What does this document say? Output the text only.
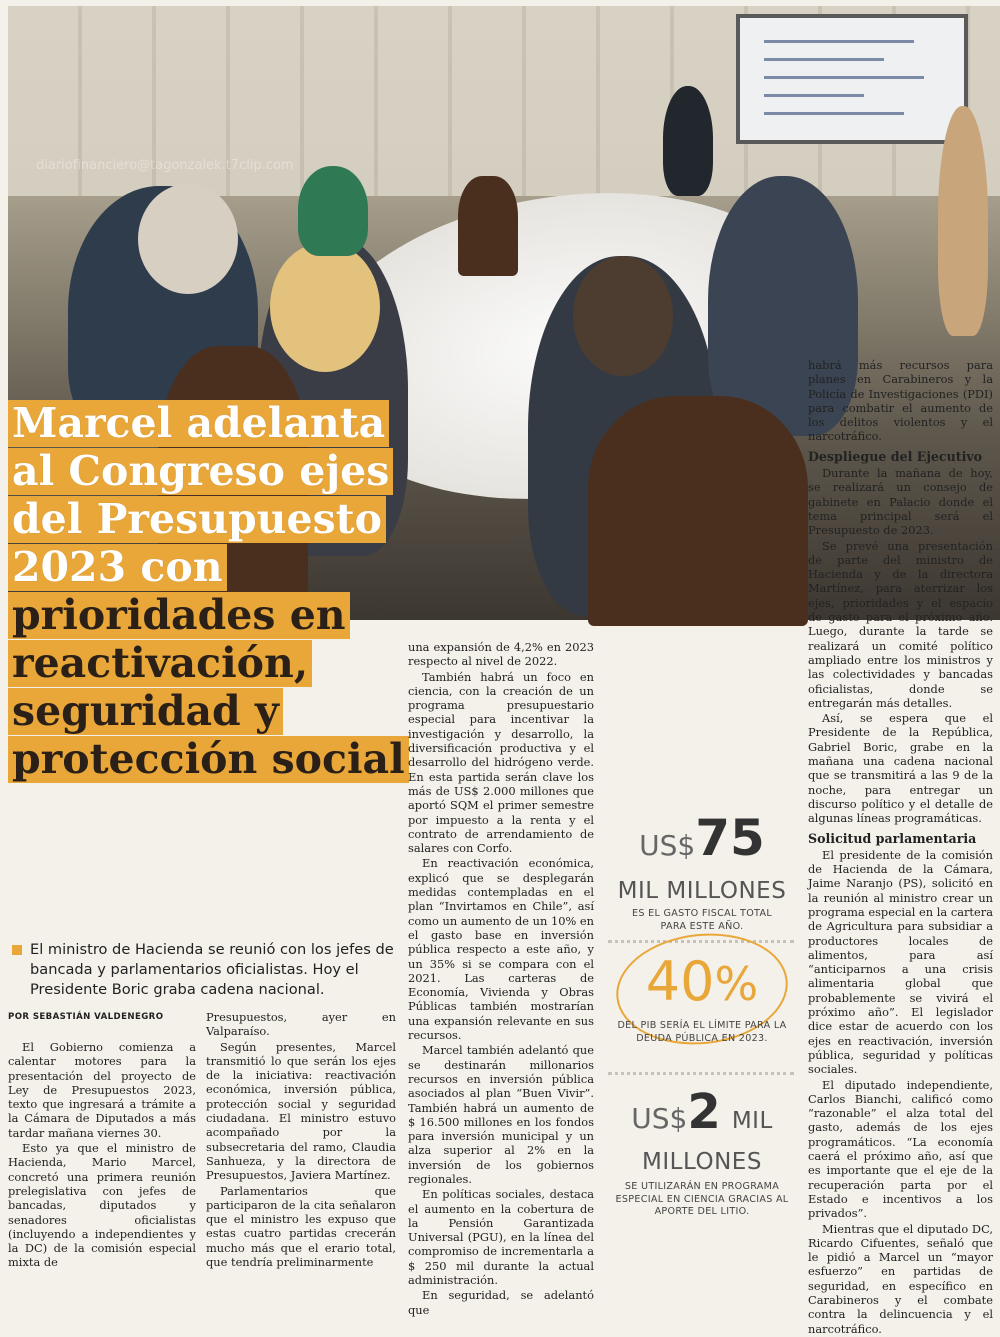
diariofinanciero@tagonzalek.t7clip.com
Marcel adelanta
al Congreso ejes
del Presupuesto
2023 con
prioridades en
reactivación,
seguridad y
protección social
El ministro de Hacienda se reunió con los jefes de bancada y parlamentarios oficialistas. Hoy el Presidente Boric graba cadena nacional.
POR SEBASTIÁN VALDENEGRO

El Gobierno comienza a calentar motores para la presentación del proyecto de Ley de Presupuestos 2023, texto que ingresará a trámite a la Cámara de Diputados a más tardar mañana viernes 30.

Esto ya que el ministro de Hacienda, Mario Marcel, concretó una primera reunión prelegislativa con jefes de bancadas, diputados y senadores oficialistas (incluyendo a independientes y la DC) de la comisión especial mixta de

Presupuestos, ayer en Valparaíso.

Según presentes, Marcel transmitió lo que serán los ejes de la iniciativa: reactivación económica, inversión pública, protección social y seguridad ciudadana. El ministro estuvo acompañado por la subsecretaria del ramo, Claudia Sanhueza, y la directora de Presupuestos, Javiera Martínez.

Parlamentarios que participaron de la cita señalaron que el ministro les expuso que estas cuatro partidas crecerán mucho más que el erario total, que tendría preliminarmente

una expansión de 4,2% en 2023 respecto al nivel de 2022.

También habrá un foco en ciencia, con la creación de un programa presupuestario especial para incentivar la investigación y desarrollo, la diversificación productiva y el desarrollo del hidrógeno verde. En esta partida serán clave los más de US$ 2.000 millones que aportó SQM el primer semestre por impuesto a la renta y el contrato de arrendamiento de salares con Corfo.

En reactivación económica, explicó que se desplegarán medidas contempladas en el plan “Invirtamos en Chile”, así como un aumento de un 10% en el gasto base en inversión pública respecto a este año, y un 35% si se compara con el 2021. Las carteras de Economía, Vivienda y Obras Públicas también mostrarían una expansión relevante en sus recursos.

Marcel también adelantó que se destinarán millonarios recursos en inversión pública asociados al plan “Buen Vivir”. También habrá un aumento de $ 16.500 millones en los fondos para inversión municipal y un alza superior al 2% en la inversión de los gobiernos regionales.

En políticas sociales, destaca el aumento en la cobertura de la Pensión Garantizada Universal (PGU), en la línea del compromiso de incrementarla a $ 250 mil durante la actual administración.

En seguridad, se adelantó que

habrá más recursos para planes en Carabineros y la Policía de Investigaciones (PDI) para combatir el aumento de los delitos violentos y el narcotráfico.

Despliegue del Ejecutivo

Durante la mañana de hoy, se realizará un consejo de gabinete en Palacio donde el tema principal será el Presupuesto de 2023.

Se prevé una presentación de parte del ministro de Hacienda y de la directora Martínez, para aterrizar los ejes, prioridades y el espacio de gasto para el próximo año. Luego, durante la tarde se realizará un comité político ampliado entre los ministros y las colectividades y bancadas oficialistas, donde se entregarán más detalles.

Así, se espera que el Presidente de la República, Gabriel Boric, grabe en la mañana una cadena nacional que se transmitirá a las 9 de la noche, para entregar un discurso político y el detalle de algunas líneas programáticas.

Solicitud parlamentaria

El presidente de la comisión de Hacienda de la Cámara, Jaime Naranjo (PS), solicitó en la reunión al ministro crear un programa especial en la cartera de Agricultura para subsidiar a productores locales de alimentos, para así “anticiparnos a una crisis alimentaria global que probablemente se vivirá el próximo año”. El legislador dice estar de acuerdo con los ejes en reactivación, inversión pública, seguridad y políticas sociales.

El diputado independiente, Carlos Bianchi, calificó como “razonable” el alza total del gasto, además de los ejes programáticos. “La economía caerá el próximo año, así que es importante que el eje de la recuperación parta por el Estado e incentivos a los privados”.

Mientras que el diputado DC, Ricardo Cifuentes, señaló que le pidió a Marcel un “mayor esfuerzo” en partidas de seguridad, en específico en Carabineros y el combate contra la delincuencia y el narcotráfico.

US$75
MIL MILLONES
ES EL GASTO FISCAL TOTAL PARA ESTE AÑO.
40%
DEL PIB SERÍA EL LÍMITE PARA LA DEUDA PÚBLICA EN 2023.
US$2 MIL
MILLONES
SE UTILIZARÁN EN PROGRAMA ESPECIAL EN CIENCIA GRACIAS AL APORTE DEL LITIO.
